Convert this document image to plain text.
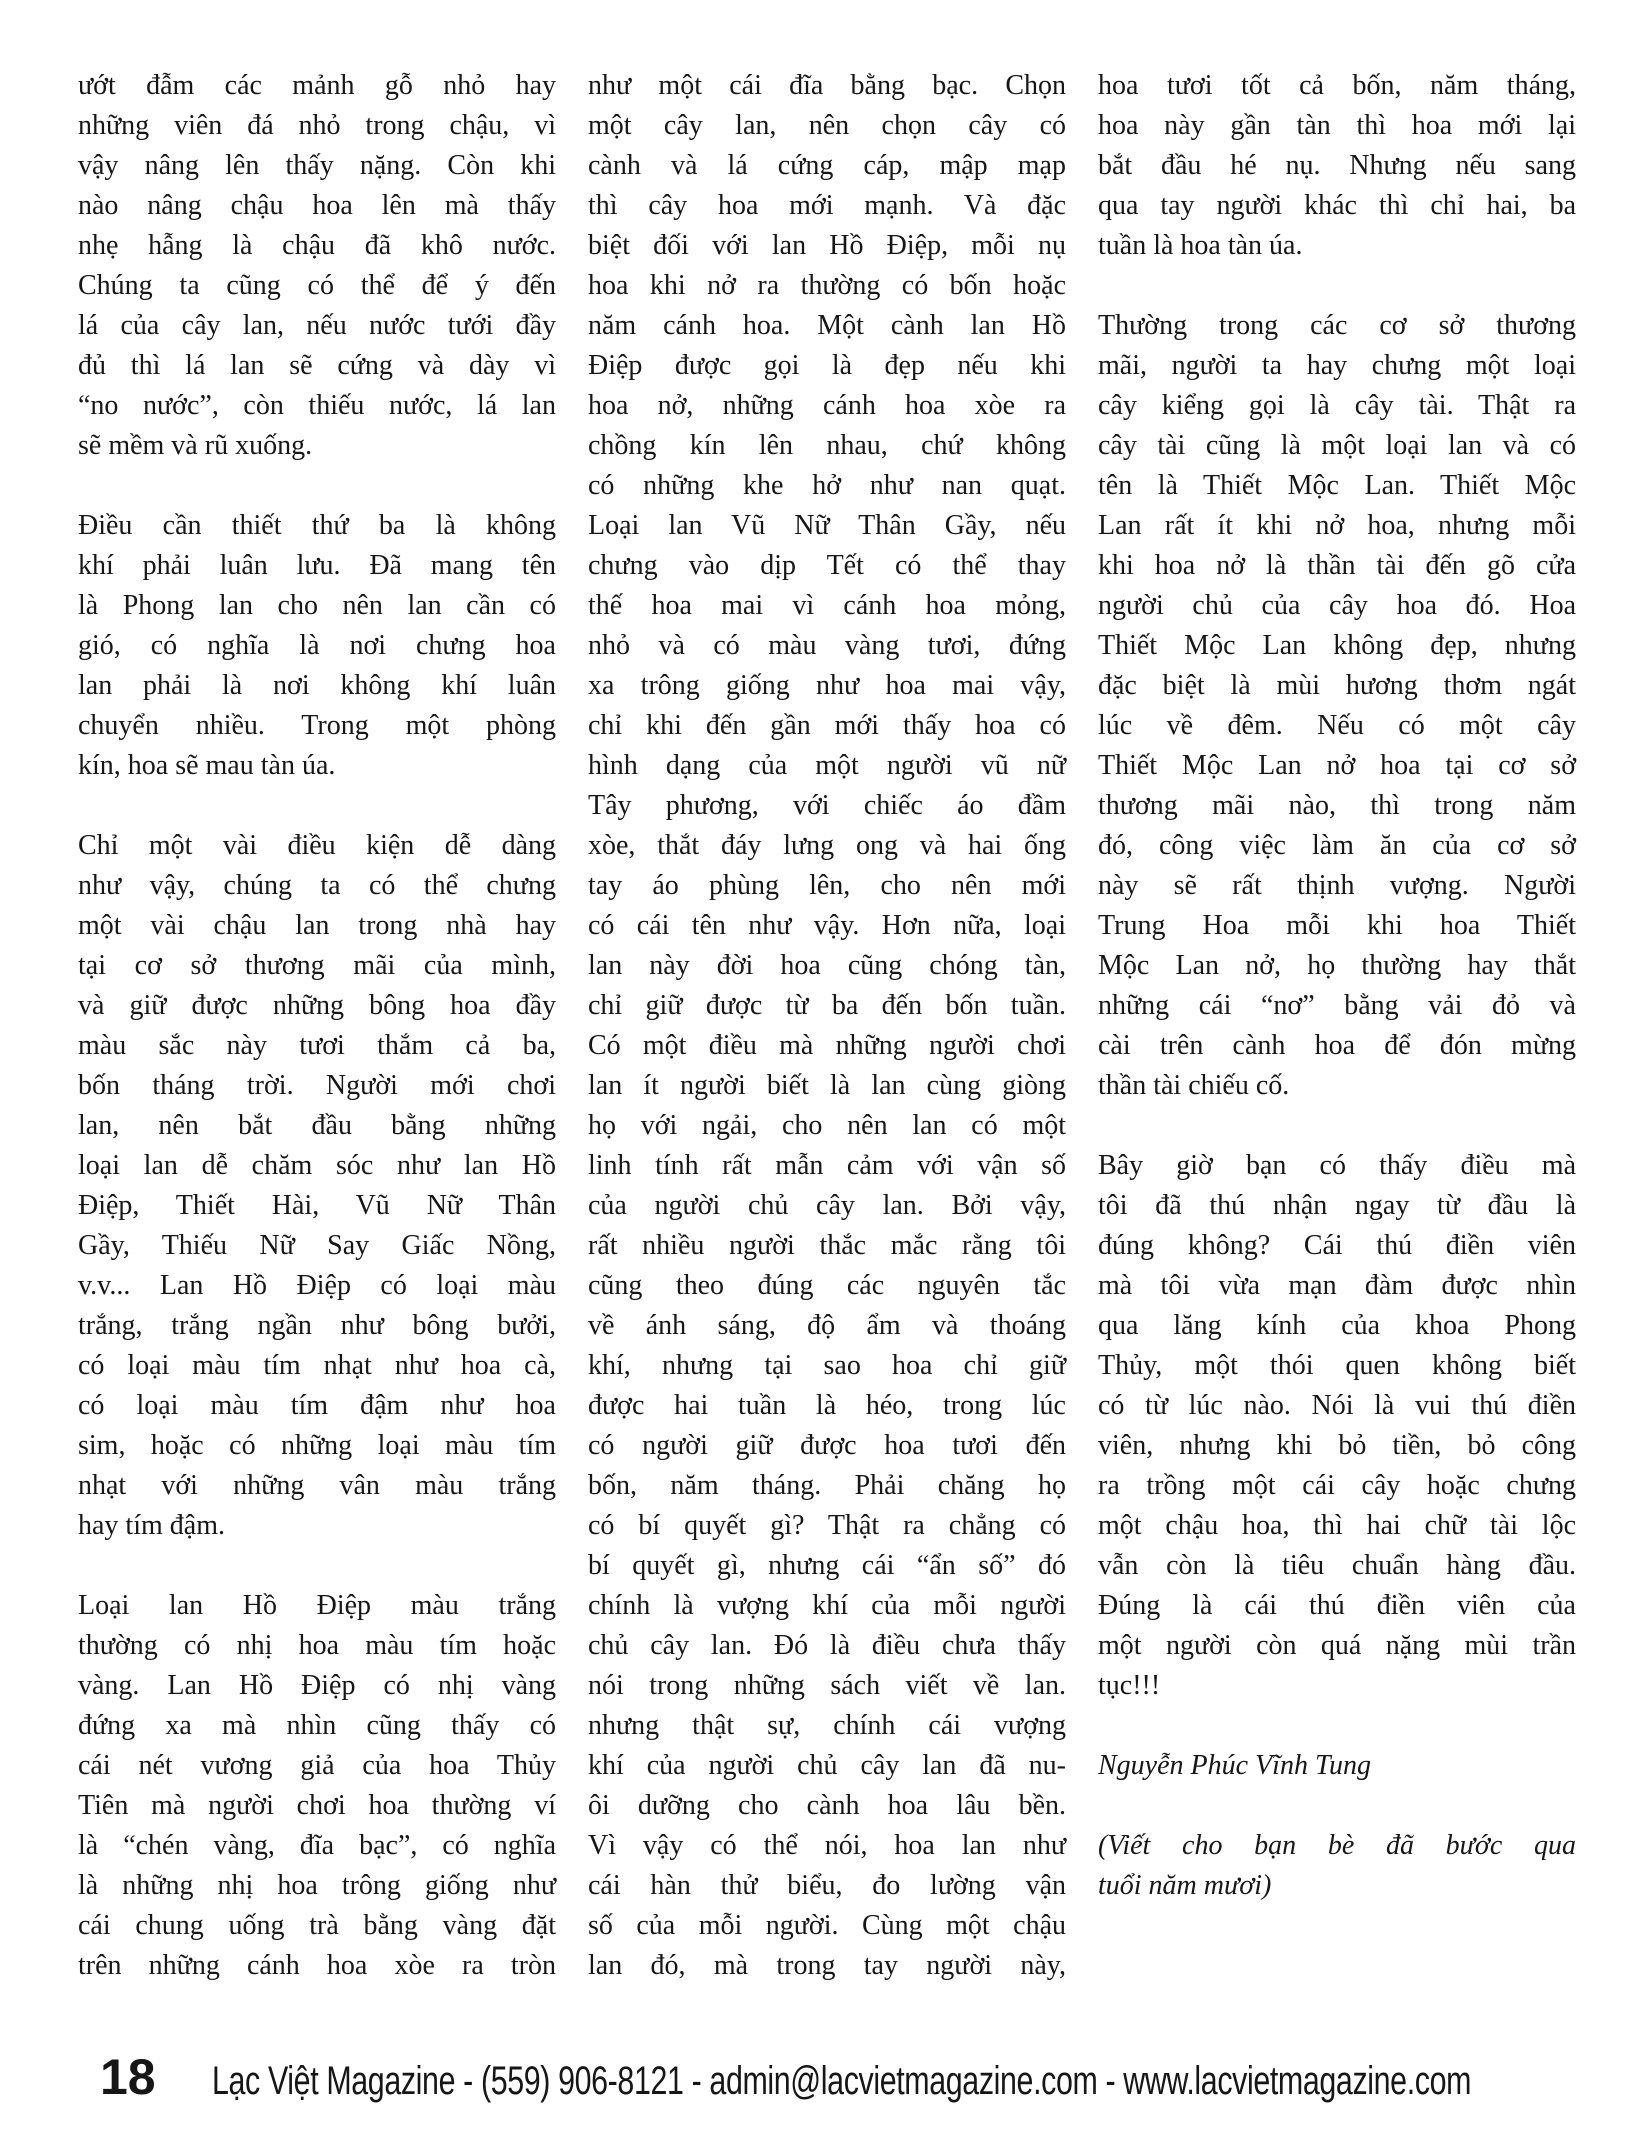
ướt đẫm các mảnh gỗ nhỏ hay
những viên đá nhỏ trong chậu, vì
vậy nâng lên thấy nặng. Còn khi
nào nâng chậu hoa lên mà thấy
nhẹ hẫng là chậu đã khô nước.
Chúng ta cũng có thể để ý đến
lá của cây lan, nếu nước tưới đầy
đủ thì lá lan sẽ cứng và dày vì
“no nước”, còn thiếu nước, lá lan
sẽ mềm và rũ xuống.
Điều cần thiết thứ ba là không
khí phải luân lưu. Đã mang tên
là Phong lan cho nên lan cần có
gió, có nghĩa là nơi chưng hoa
lan phải là nơi không khí luân
chuyển nhiều. Trong một phòng
kín, hoa sẽ mau tàn úa.
Chỉ một vài điều kiện dễ dàng
như vậy, chúng ta có thể chưng
một vài chậu lan trong nhà hay
tại cơ sở thương mãi của mình,
và giữ được những bông hoa đầy
màu sắc này tươi thắm cả ba,
bốn tháng trời. Người mới chơi
lan, nên bắt đầu bằng những
loại lan dễ chăm sóc như lan Hồ
Điệp, Thiết Hài, Vũ Nữ Thân
Gầy, Thiếu Nữ Say Giấc Nồng,
v.v... Lan Hồ Điệp có loại màu
trắng, trắng ngần như bông bưởi,
có loại màu tím nhạt như hoa cà,
có loại màu tím đậm như hoa
sim, hoặc có những loại màu tím
nhạt với những vân màu trắng
hay tím đậm.
Loại lan Hồ Điệp màu trắng
thường có nhị hoa màu tím hoặc
vàng. Lan Hồ Điệp có nhị vàng
đứng xa mà nhìn cũng thấy có
cái nét vương giả của hoa Thủy
Tiên mà người chơi hoa thường ví
là “chén vàng, đĩa bạc”, có nghĩa
là những nhị hoa trông giống như
cái chung uống trà bằng vàng đặt
trên những cánh hoa xòe ra tròn
như một cái đĩa bằng bạc. Chọn
một cây lan, nên chọn cây có
cành và lá cứng cáp, mập mạp
thì cây hoa mới mạnh. Và đặc
biệt đối với lan Hồ Điệp, mỗi nụ
hoa khi nở ra thường có bốn hoặc
năm cánh hoa. Một cành lan Hồ
Điệp được gọi là đẹp nếu khi
hoa nở, những cánh hoa xòe ra
chồng kín lên nhau, chứ không
có những khe hở như nan quạt.
Loại lan Vũ Nữ Thân Gầy, nếu
chưng vào dịp Tết có thể thay
thế hoa mai vì cánh hoa mỏng,
nhỏ và có màu vàng tươi, đứng
xa trông giống như hoa mai vậy,
chỉ khi đến gần mới thấy hoa có
hình dạng của một người vũ nữ
Tây phương, với chiếc áo đầm
xòe, thắt đáy lưng ong và hai ống
tay áo phùng lên, cho nên mới
có cái tên như vậy. Hơn nữa, loại
lan này đời hoa cũng chóng tàn,
chỉ giữ được từ ba đến bốn tuần.
Có một điều mà những người chơi
lan ít người biết là lan cùng giòng
họ với ngải, cho nên lan có một
linh tính rất mẫn cảm với vận số
của người chủ cây lan. Bởi vậy,
rất nhiều người thắc mắc rằng tôi
cũng theo đúng các nguyên tắc
về ánh sáng, độ ẩm và thoáng
khí, nhưng tại sao hoa chỉ giữ
được hai tuần là héo, trong lúc
có người giữ được hoa tươi đến
bốn, năm tháng. Phải chăng họ
có bí quyết gì? Thật ra chẳng có
bí quyết gì, nhưng cái “ẩn số” đó
chính là vượng khí của mỗi người
chủ cây lan. Đó là điều chưa thấy
nói trong những sách viết về lan.
nhưng thật sự, chính cái vượng
khí của người chủ cây lan đã nu-
ôi dưỡng cho cành hoa lâu bền.
Vì vậy có thể nói, hoa lan như
cái hàn thử biểu, đo lường vận
số của mỗi người. Cùng một chậu
lan đó, mà trong tay người này,
hoa tươi tốt cả bốn, năm tháng,
hoa này gần tàn thì hoa mới lại
bắt đầu hé nụ. Nhưng nếu sang
qua tay người khác thì chỉ hai, ba
tuần là hoa tàn úa.
Thường trong các cơ sở thương
mãi, người ta hay chưng một loại
cây kiểng gọi là cây tài. Thật ra
cây tài cũng là một loại lan và có
tên là Thiết Mộc Lan. Thiết Mộc
Lan rất ít khi nở hoa, nhưng mỗi
khi hoa nở là thần tài đến gõ cửa
người chủ của cây hoa đó. Hoa
Thiết Mộc Lan không đẹp, nhưng
đặc biệt là mùi hương thơm ngát
lúc về đêm. Nếu có một cây
Thiết Mộc Lan nở hoa tại cơ sở
thương mãi nào, thì trong năm
đó, công việc làm ăn của cơ sở
này sẽ rất thịnh vượng. Người
Trung Hoa mỗi khi hoa Thiết
Mộc Lan nở, họ thường hay thắt
những cái “nơ” bằng vải đỏ và
cài trên cành hoa để đón mừng
thần tài chiếu cố.
Bây giờ bạn có thấy điều mà
tôi đã thú nhận ngay từ đầu là
đúng không? Cái thú điền viên
mà tôi vừa mạn đàm được nhìn
qua lăng kính của khoa Phong
Thủy, một thói quen không biết
có từ lúc nào. Nói là vui thú điền
viên, nhưng khi bỏ tiền, bỏ công
ra trồng một cái cây hoặc chưng
một chậu hoa, thì hai chữ tài lộc
vẫn còn là tiêu chuẩn hàng đầu.
Đúng là cái thú điền viên của
một người còn quá nặng mùi trần
tục!!!
Nguyễn Phúc Vĩnh Tung
(Viết cho bạn bè đã bước qua
tuổi năm mươi)
18 Lạc Việt Magazine - (559) 906-8121 - admin@lacvietmagazine.com - www.lacvietmagazine.com
